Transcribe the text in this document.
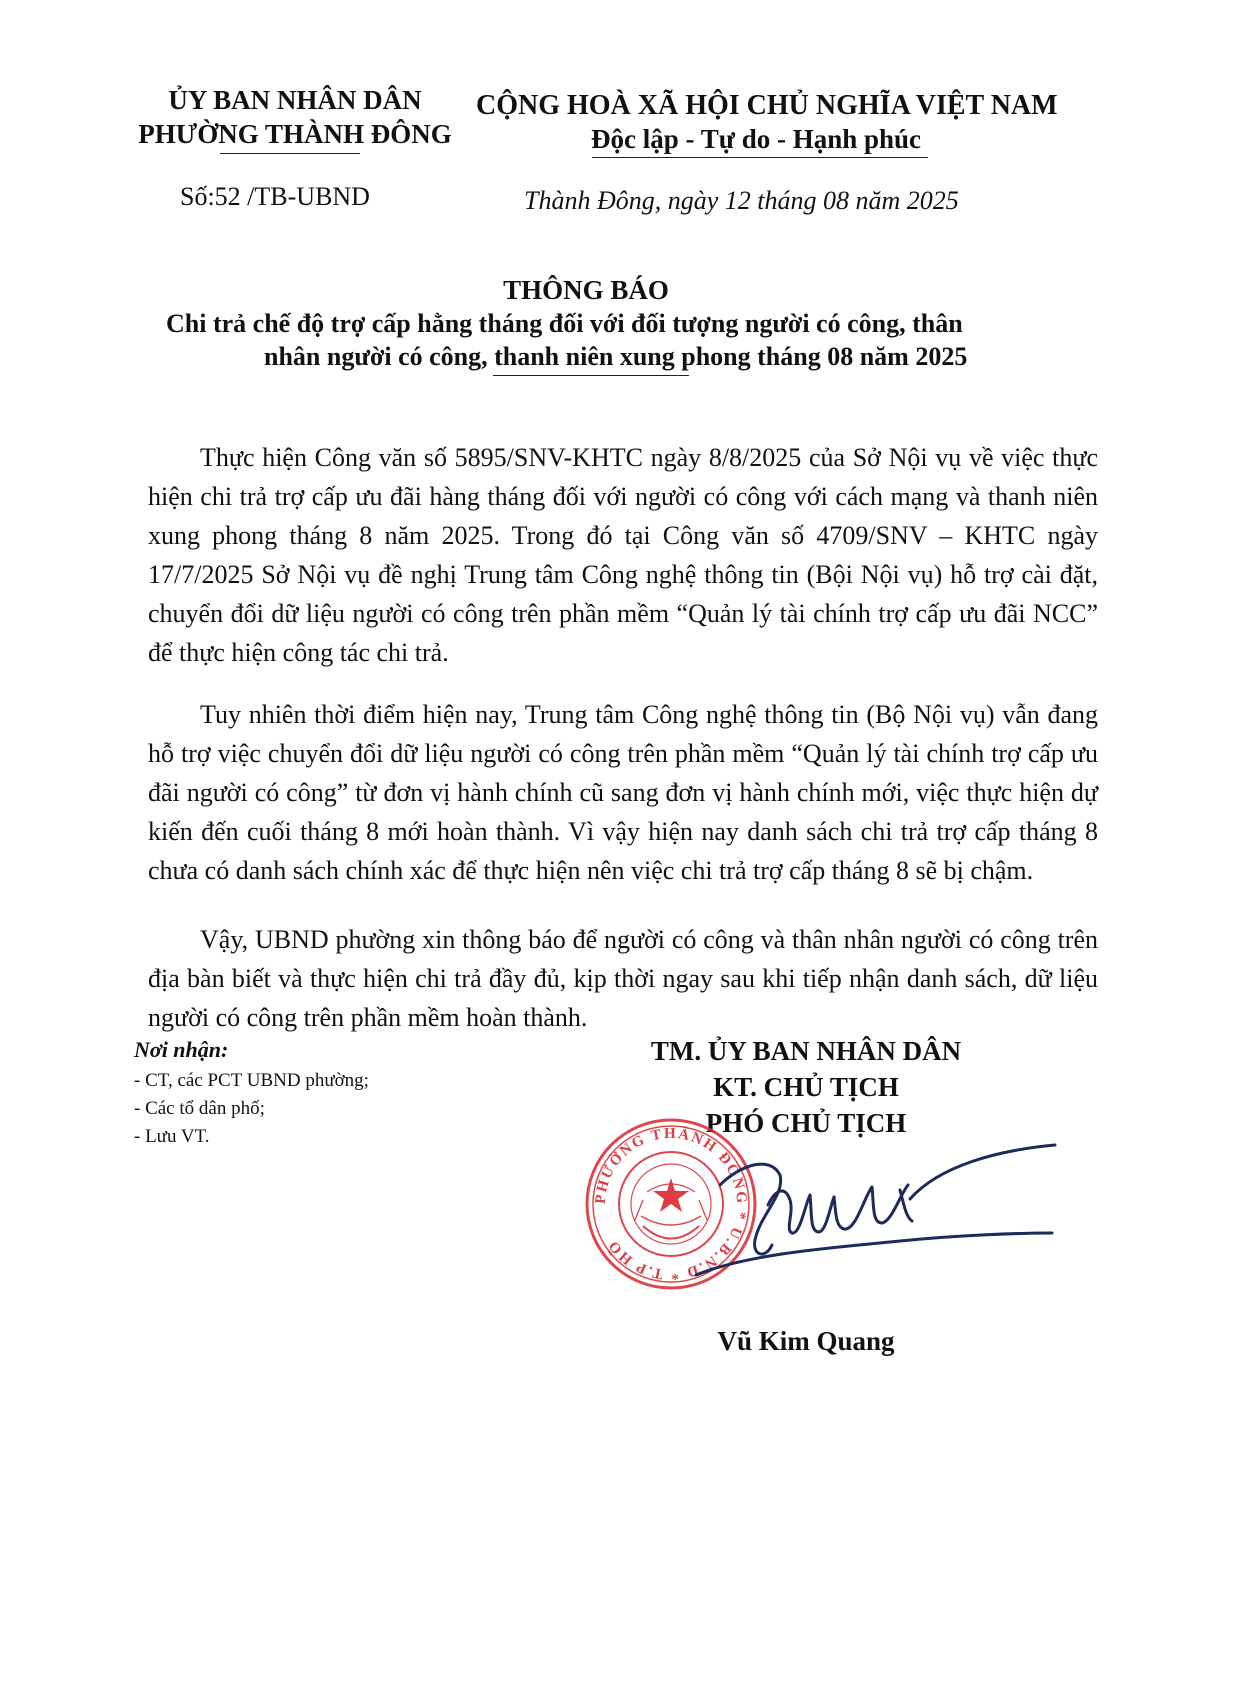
ỦY BAN NHÂN DÂN
PHƯỜNG THÀNH ĐÔNG
Số:52 /TB-UBND
CỘNG HOÀ XÃ HỘI CHỦ NGHĨA VIỆT NAM
Độc lập - Tự do - Hạnh phúc
Thành Đông, ngày 12 tháng 08 năm 2025
THÔNG BÁO
Chi trả chế độ trợ cấp hằng tháng đối với đối tượng người có công, thân
nhân người có công, thanh niên xung phong tháng 08 năm 2025
Thực hiện Công văn số 5895/SNV-KHTC ngày 8/8/2025 của Sở Nội vụ về việc thực hiện chi trả trợ cấp ưu đãi hàng tháng đối với người có công với cách mạng và thanh niên xung phong tháng 8 năm 2025. Trong đó tại Công văn số 4709/SNV – KHTC ngày 17/7/2025 Sở Nội vụ đề nghị Trung tâm Công nghệ thông tin (Bội Nội vụ) hỗ trợ cài đặt, chuyển đổi dữ liệu người có công trên phần mềm “Quản lý tài chính trợ cấp ưu đãi NCC” để thực hiện công tác chi trả.
Tuy nhiên thời điểm hiện nay, Trung tâm Công nghệ thông tin (Bộ Nội vụ) vẫn đang hỗ trợ việc chuyển đổi dữ liệu người có công trên phần mềm “Quản lý tài chính trợ cấp ưu đãi người có công” từ đơn vị hành chính cũ sang đơn vị hành chính mới, việc thực hiện dự kiến đến cuối tháng 8 mới hoàn thành. Vì vậy hiện nay danh sách chi trả trợ cấp tháng 8 chưa có danh sách chính xác để thực hiện nên việc chi trả trợ cấp tháng 8 sẽ bị chậm.
Vậy, UBND phường xin thông báo để người có công và thân nhân người có công trên địa bàn biết và thực hiện chi trả đầy đủ, kịp thời ngay sau khi tiếp nhận danh sách, dữ liệu người có công trên phần mềm hoàn thành.
Nơi nhận:
- CT, các PCT UBND phường;
- Các tổ dân phố;
- Lưu VT.
TM. ỦY BAN NHÂN DÂN
KT. CHỦ TỊCH
PHÓ CHỦ TỊCH
PHƯỜNG THÀNH ĐÔNG * U.B.N.D * T.P HỒ
Vũ Kim Quang
